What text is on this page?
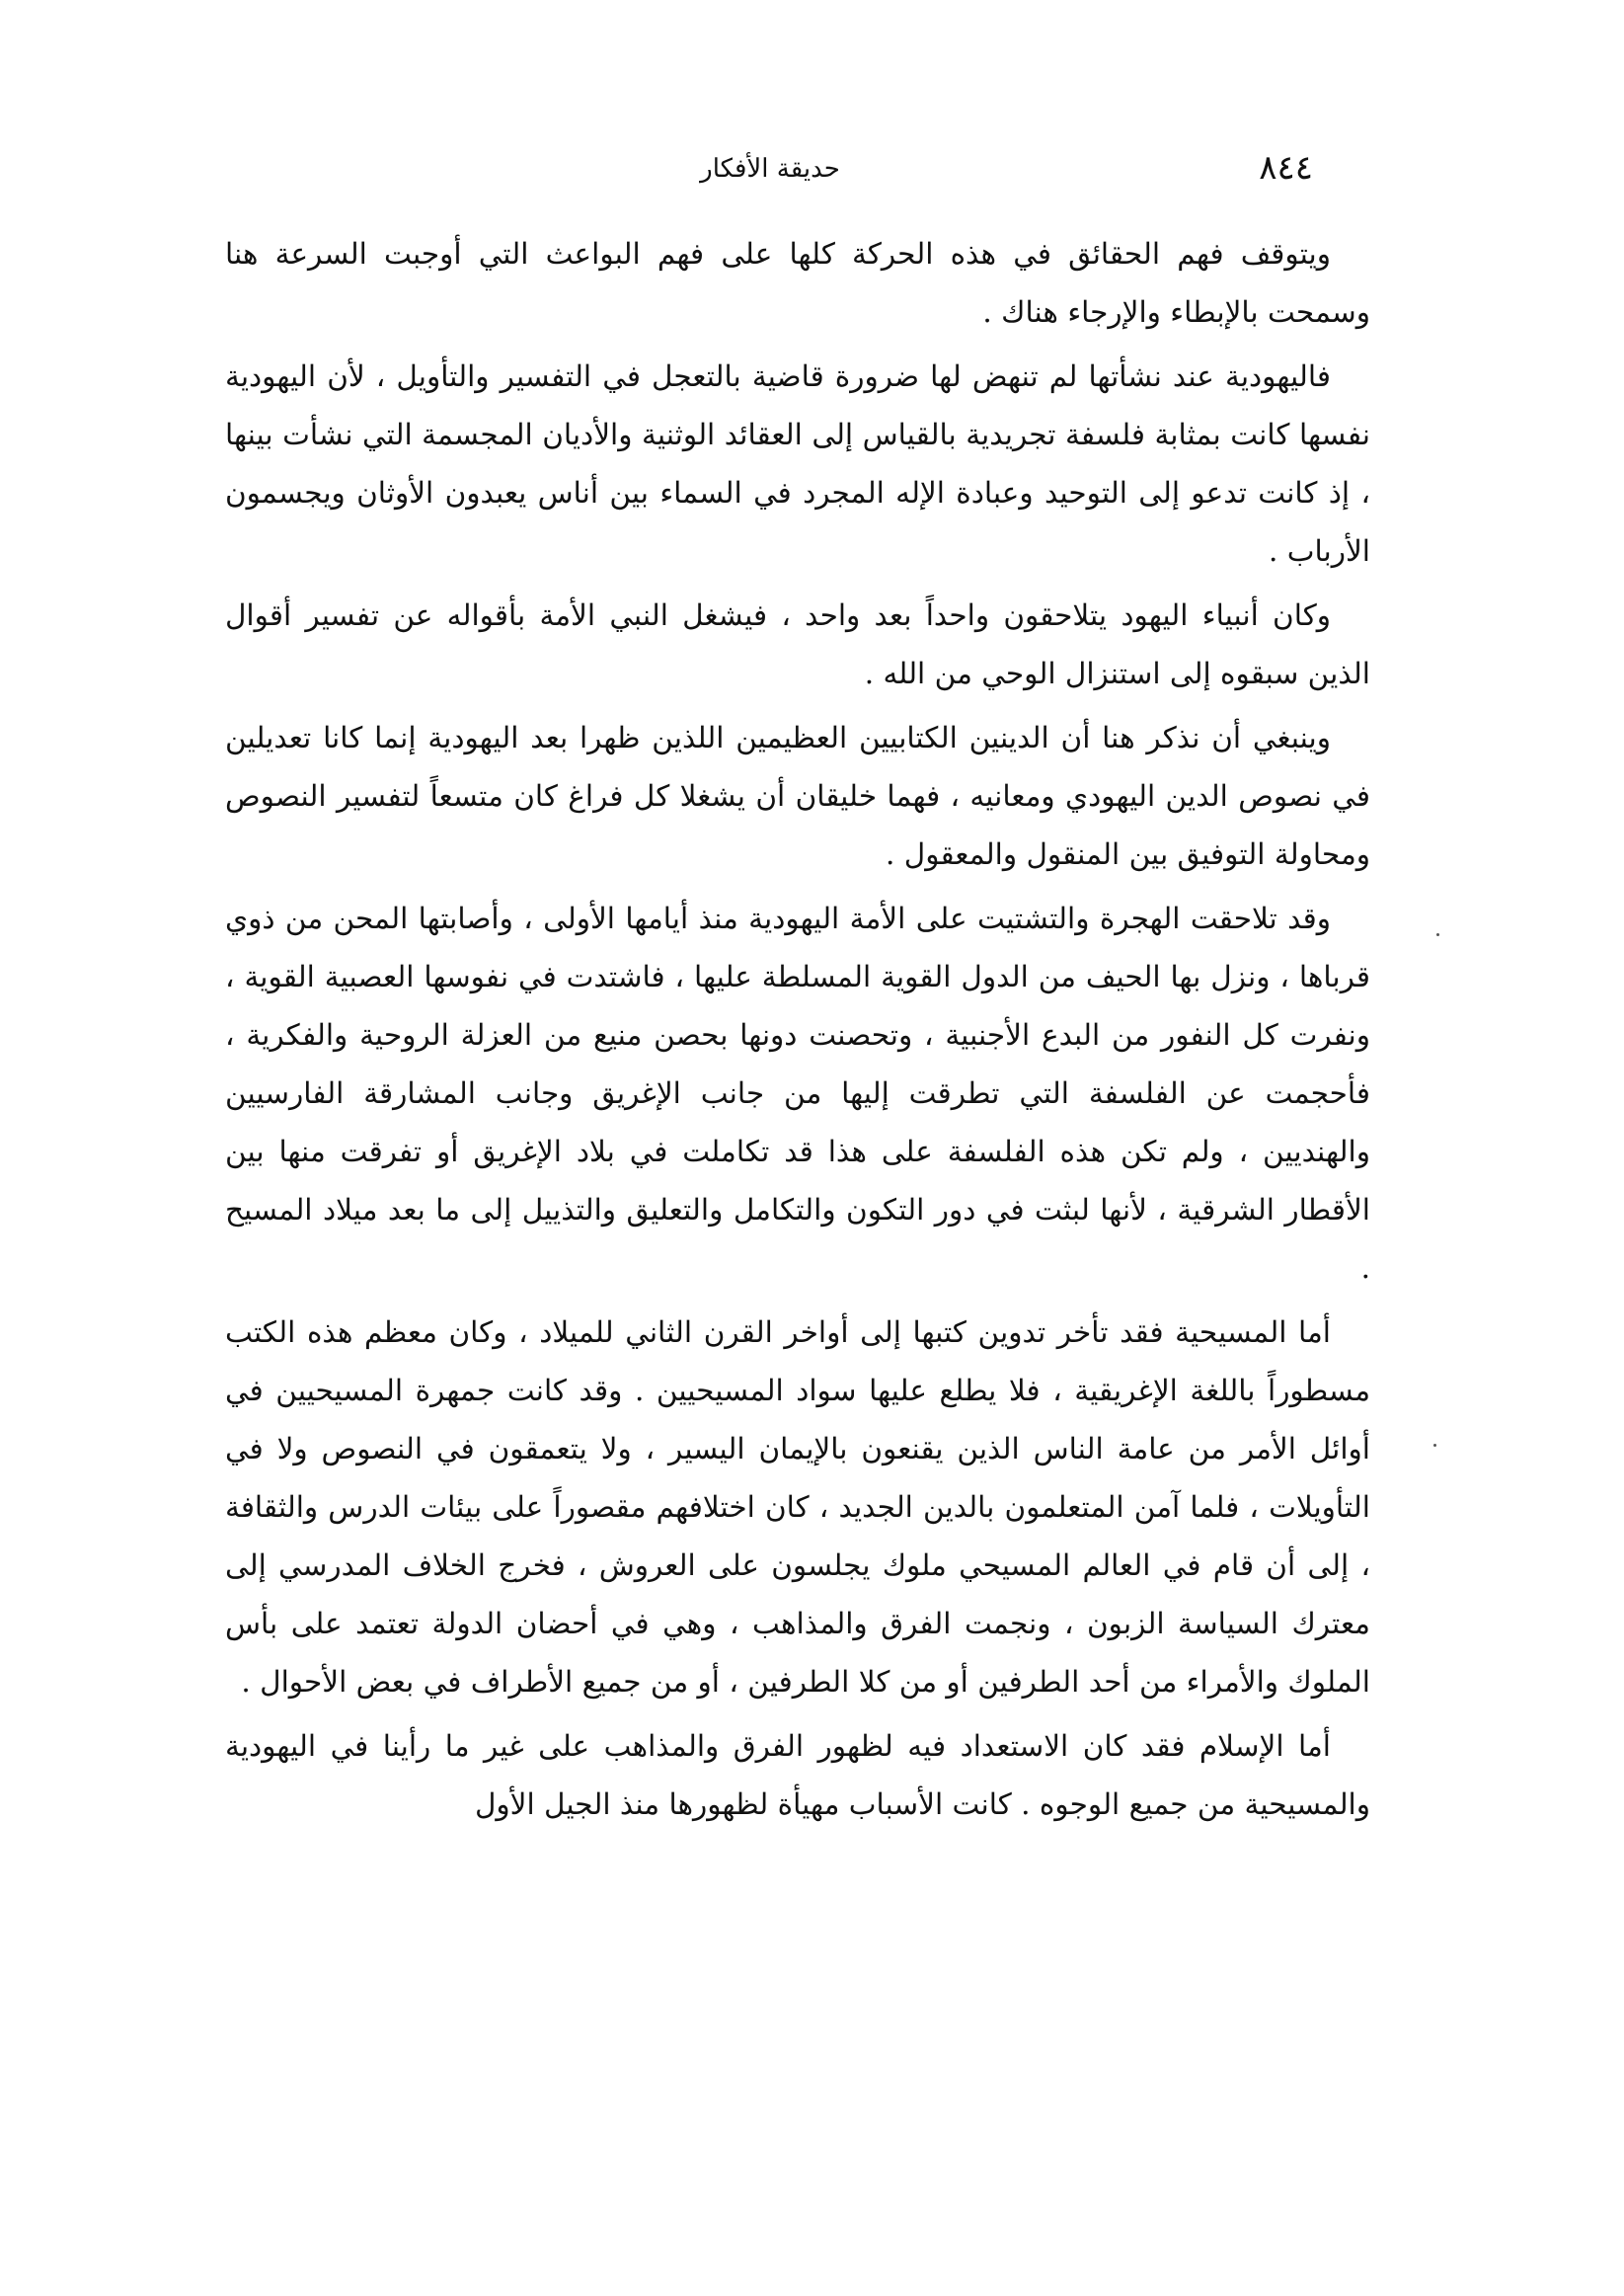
٨٤٤
حديقة الأفكار

ويتوقف فهم الحقائق في هذه الحركة كلها على فهم البواعث التي أوجبت السرعة هنا وسمحت بالإبطاء والإرجاء هناك .

فاليهودية عند نشأتها لم تنهض لها ضرورة قاضية بالتعجل في التفسير والتأويل ، لأن اليهودية نفسها كانت بمثابة فلسفة تجريدية بالقياس إلى العقائد الوثنية والأديان المجسمة التي نشأت بينها ، إذ كانت تدعو إلى التوحيد وعبادة الإله المجرد في السماء بين أناس يعبدون الأوثان ويجسمون الأرباب .

وكان أنبياء اليهود يتلاحقون واحداً بعد واحد ، فيشغل النبي الأمة بأقواله عن تفسير أقوال الذين سبقوه إلى استنزال الوحي من الله .

وينبغي أن نذكر هنا أن الدينين الكتابيين العظيمين اللذين ظهرا بعد اليهودية إنما كانا تعديلين في نصوص الدين اليهودي ومعانيه ، فهما خليقان أن يشغلا كل فراغ كان متسعاً لتفسير النصوص ومحاولة التوفيق بين المنقول والمعقول .

وقد تلاحقت الهجرة والتشتيت على الأمة اليهودية منذ أيامها الأولى ، وأصابتها المحن من ذوي قرباها ، ونزل بها الحيف من الدول القوية المسلطة عليها ، فاشتدت في نفوسها العصبية القوية ، ونفرت كل النفور من البدع الأجنبية ، وتحصنت دونها بحصن منيع من العزلة الروحية والفكرية ، فأحجمت عن الفلسفة التي تطرقت إليها من جانب الإغريق وجانب المشارقة الفارسيين والهنديين ، ولم تكن هذه الفلسفة على هذا قد تكاملت في بلاد الإغريق أو تفرقت منها بين الأقطار الشرقية ، لأنها لبثت في دور التكون والتكامل والتعليق والتذييل إلى ما بعد ميلاد المسيح .

أما المسيحية فقد تأخر تدوين كتبها إلى أواخر القرن الثاني للميلاد ، وكان معظم هذه الكتب مسطوراً باللغة الإغريقية ، فلا يطلع عليها سواد المسيحيين . وقد كانت جمهرة المسيحيين في أوائل الأمر من عامة الناس الذين يقنعون بالإيمان اليسير ، ولا يتعمقون في النصوص ولا في التأويلات ، فلما آمن المتعلمون بالدين الجديد ، كان اختلافهم مقصوراً على بيئات الدرس والثقافة ، إلى أن قام في العالم المسيحي ملوك يجلسون على العروش ، فخرج الخلاف المدرسي إلى معترك السياسة الزبون ، ونجمت الفرق والمذاهب ، وهي في أحضان الدولة تعتمد على بأس الملوك والأمراء من أحد الطرفين أو من كلا الطرفين ، أو من جميع الأطراف في بعض الأحوال .

أما الإسلام فقد كان الاستعداد فيه لظهور الفرق والمذاهب على غير ما رأينا في اليهودية والمسيحية من جميع الوجوه . كانت الأسباب مهيأة لظهورها منذ الجيل الأول
